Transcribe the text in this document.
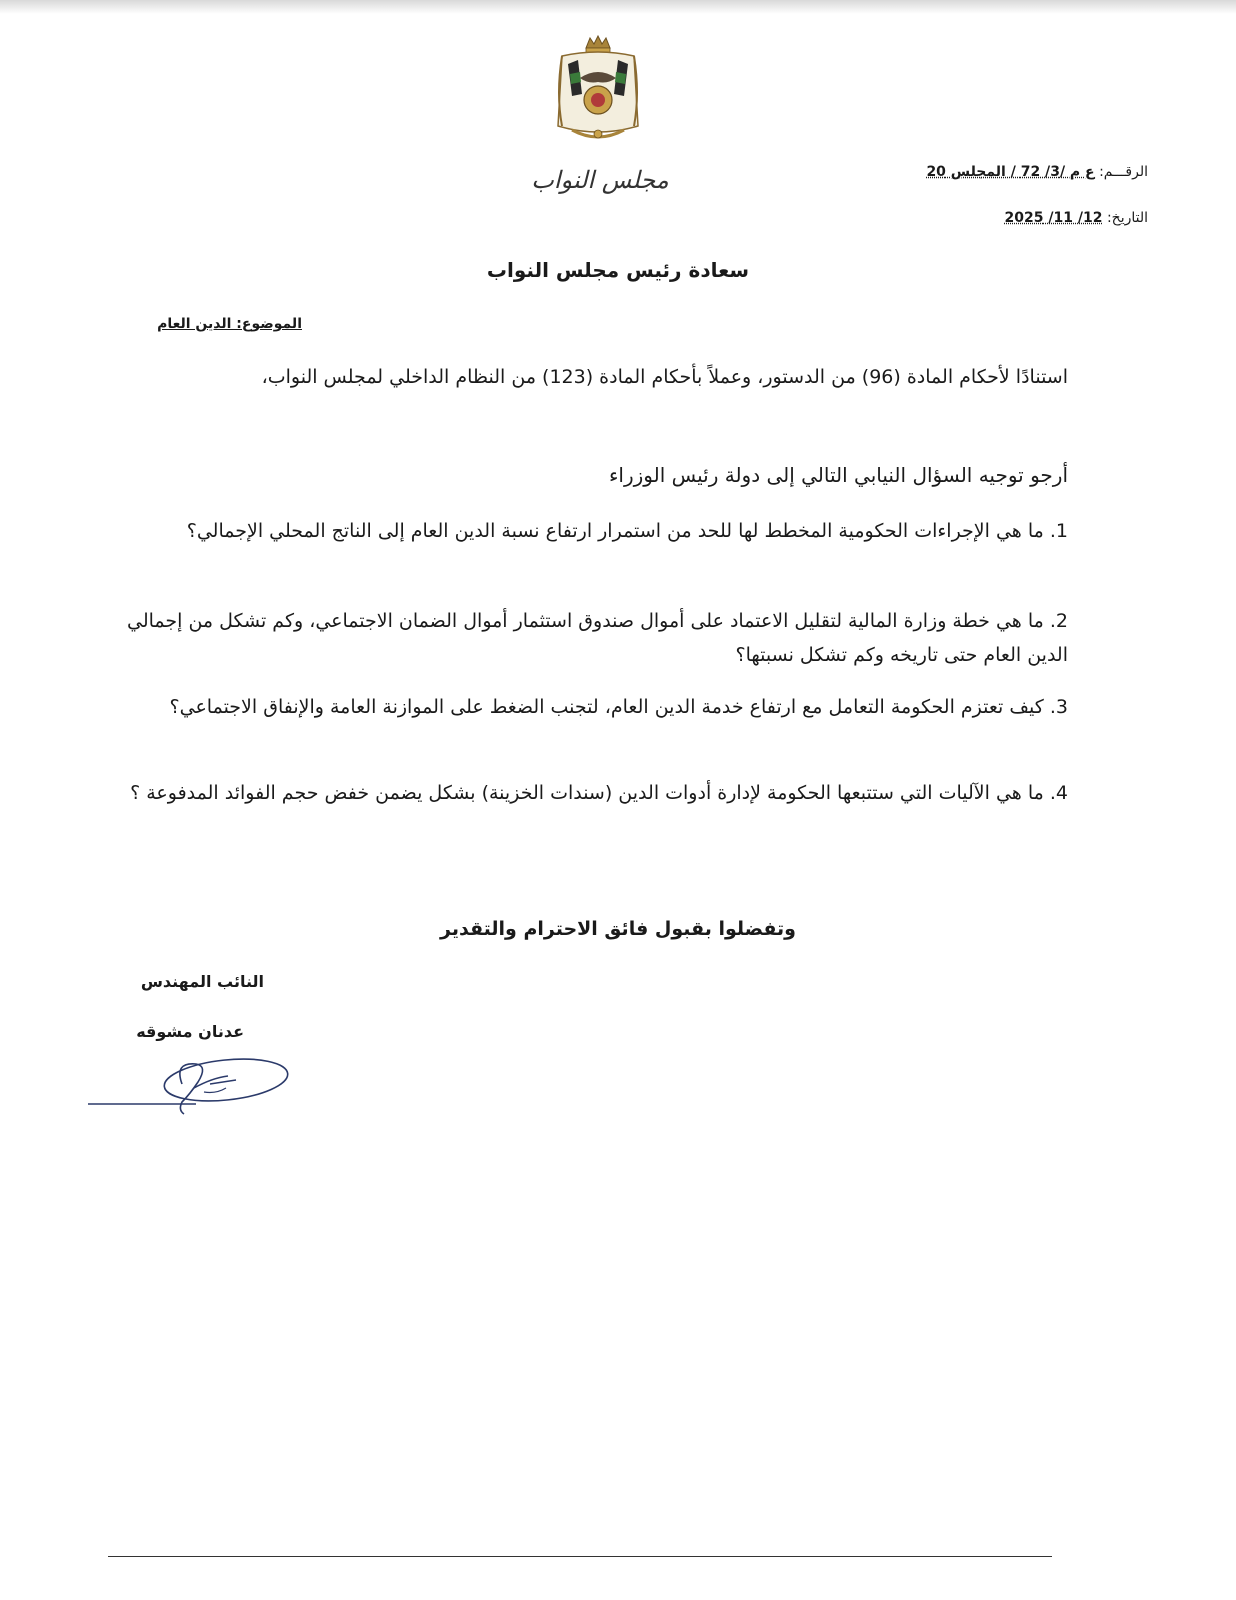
مجلس النواب	الرقـــم: ع م /3/ 72 / المجلس 20
التاريخ: 12/ 11/ 2025
سعادة رئيس مجلس النواب
الموضوع: الدين العام
استنادًا لأحكام المادة (96) من الدستور، وعملاً بأحكام المادة (123) من النظام الداخلي لمجلس النواب،
أرجو توجيه السؤال النيابي التالي إلى دولة رئيس الوزراء
1. ما هي الإجراءات الحكومية المخطط لها للحد من استمرار ارتفاع نسبة الدين العام إلى الناتج المحلي الإجمالي؟
2. ما هي خطة وزارة المالية لتقليل الاعتماد على أموال صندوق استثمار أموال الضمان الاجتماعي، وكم تشكل من إجمالي الدين العام حتى تاريخه وكم تشكل نسبتها؟
3. كيف تعتزم الحكومة التعامل مع ارتفاع خدمة الدين العام، لتجنب الضغط على الموازنة العامة والإنفاق الاجتماعي؟
4. ما هي الآليات التي ستتبعها الحكومة لإدارة أدوات الدين (سندات الخزينة) بشكل يضمن خفض حجم الفوائد المدفوعة ؟
وتفضلوا بقبول فائق الاحترام والتقدير
النائب المهندس
عدنان مشوقه
